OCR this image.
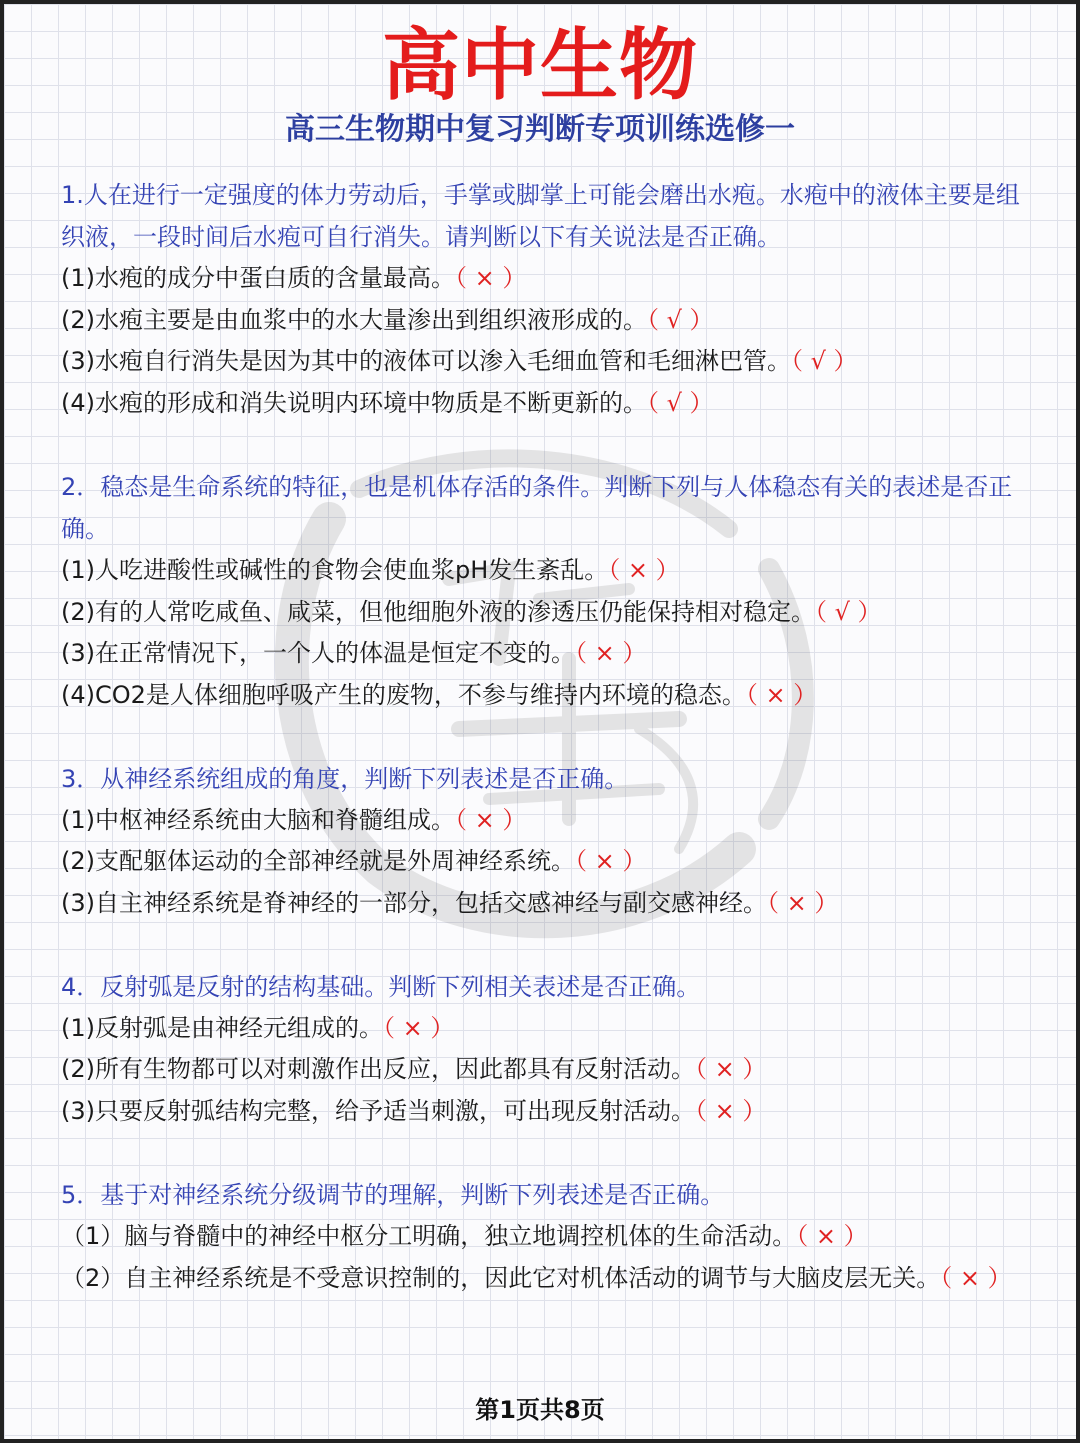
高中生物
高三生物期中复习判断专项训练选修一
1.人在进行一定强度的体力劳动后，手掌或脚掌上可能会磨出水疱。水疱中的液体主要是组织液，一段时间后水疱可自行消失。请判断以下有关说法是否正确。
(1)水疱的成分中蛋白质的含量最高。（ × ）
(2)水疱主要是由血浆中的水大量渗出到组织液形成的。（ √ ）
(3)水疱自行消失是因为其中的液体可以渗入毛细血管和毛细淋巴管。（ √ ）
(4)水疱的形成和消失说明内环境中物质是不断更新的。（ √ ）
2．稳态是生命系统的特征，也是机体存活的条件。判断下列与人体稳态有关的表述是否正确。
(1)人吃进酸性或碱性的食物会使血浆pH发生紊乱。（ × ）
(2)有的人常吃咸鱼、咸菜，但他细胞外液的渗透压仍能保持相对稳定。（ √ ）
(3)在正常情况下，一个人的体温是恒定不变的。（ × ）
(4)CO2是人体细胞呼吸产生的废物，不参与维持内环境的稳态。（ × ）
3．从神经系统组成的角度，判断下列表述是否正确。
(1)中枢神经系统由大脑和脊髓组成。（ × ）
(2)支配躯体运动的全部神经就是外周神经系统。（ × ）
(3)自主神经系统是脊神经的一部分，包括交感神经与副交感神经。（ × ）
4．反射弧是反射的结构基础。判断下列相关表述是否正确。
(1)反射弧是由神经元组成的。（ × ）
(2)所有生物都可以对刺激作出反应，因此都具有反射活动。（ × ）
(3)只要反射弧结构完整，给予适当刺激，可出现反射活动。（ × ）
5．基于对神经系统分级调节的理解，判断下列表述是否正确。
（1）脑与脊髓中的神经中枢分工明确，独立地调控机体的生命活动。（ × ）
（2）自主神经系统是不受意识控制的，因此它对机体活动的调节与大脑皮层无关。（ × ）
第1页共8页
